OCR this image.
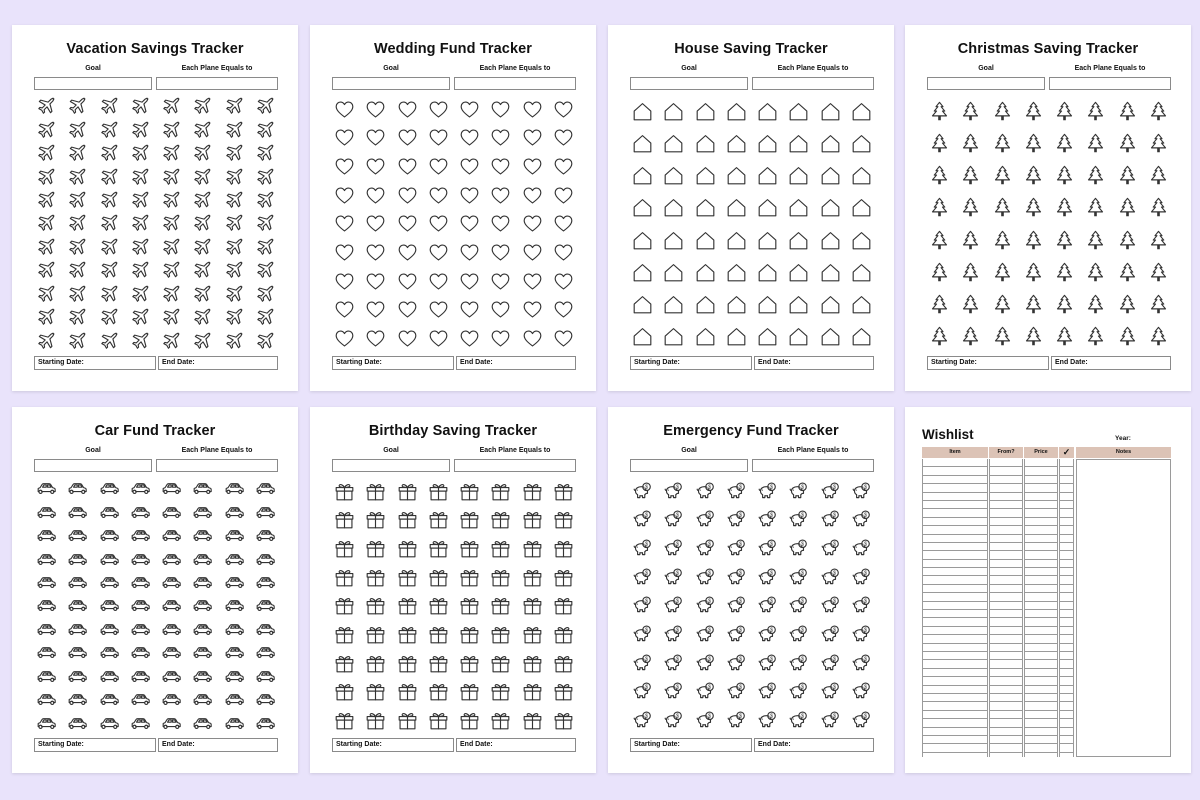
Vacation Savings Tracker
Goal	Each Plane Equals to
Starting Date:	End Date:
Wedding Fund Tracker
Goal	Each Plane Equals to
Starting Date:	End Date:
House Saving Tracker
Goal	Each Plane Equals to
Starting Date:	End Date:
Christmas Saving Tracker
Goal	Each Plane Equals to
Starting Date:	End Date:
Car Fund Tracker
Goal	Each Plane Equals to
Starting Date:	End Date:
Birthday Saving Tracker
Goal	Each Plane Equals to
Starting Date:	End Date:
Emergency Fund Tracker
Goal	Each Plane Equals to
$	$	$	$	$	$	$	$
$	$	$	$	$	$	$	$
$	$	$	$	$	$	$	$
$	$	$	$	$	$	$	$
$	$	$	$	$	$	$	$
$	$	$	$	$	$	$	$
$	$	$	$	$	$	$	$
$	$	$	$	$	$	$	$
$	$	$	$	$	$	$	$
Starting Date:	End Date:
Wishlist	Year:
Item	From?	Price	✓	Notes
